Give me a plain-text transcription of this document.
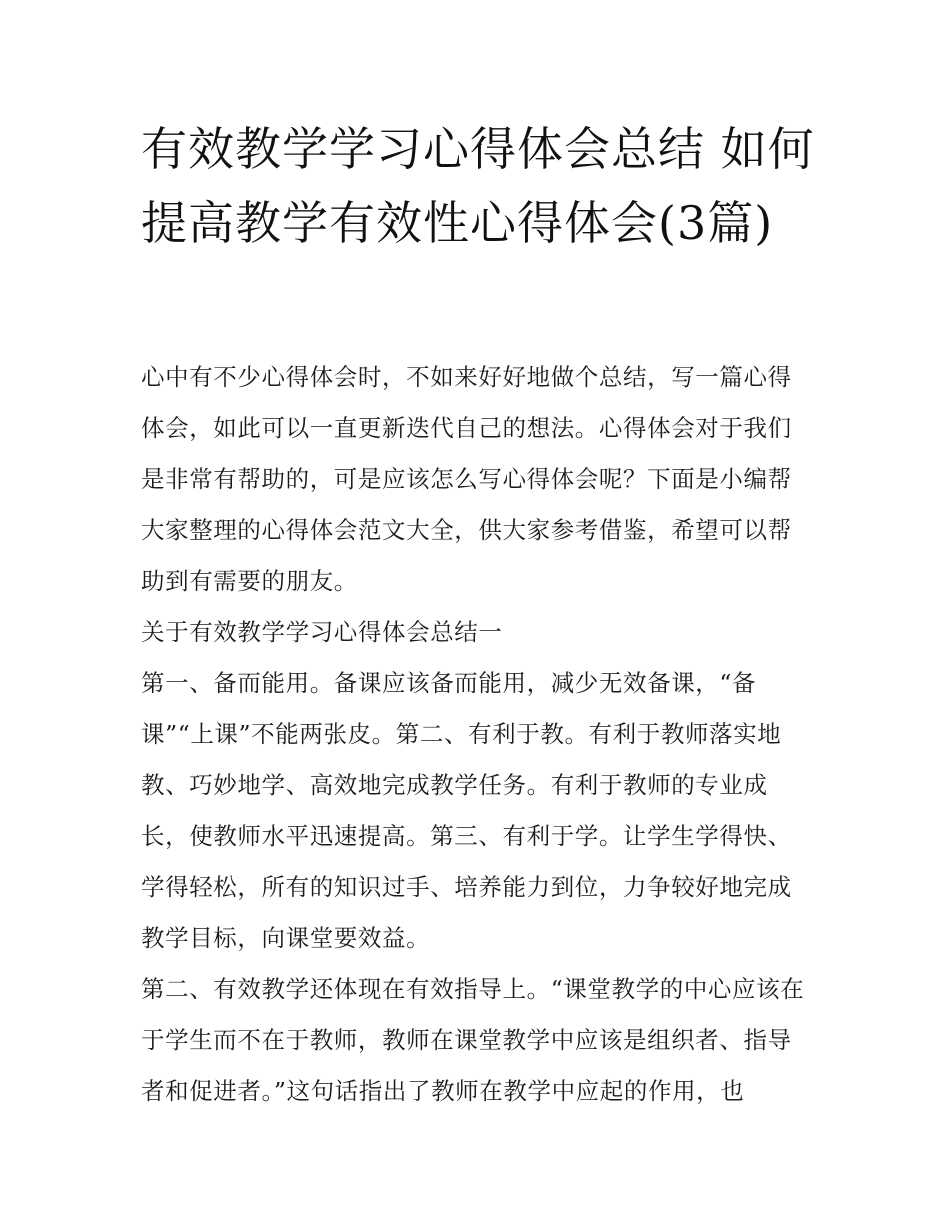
有效教学学习心得体会总结 如何提高教学有效性心得体会(3篇)

心中有不少心得体会时，不如来好好地做个总结，写一篇心得体会，如此可以一直更新迭代自己的想法。心得体会对于我们是非常有帮助的，可是应该怎么写心得体会呢？下面是小编帮大家整理的心得体会范文大全，供大家参考借鉴，希望可以帮助到有需要的朋友。

关于有效教学学习心得体会总结一

第一、备而能用。备课应该备而能用，减少无效备课，“备课”“上课”不能两张皮。第二、有利于教。有利于教师落实地教、巧妙地学、高效地完成教学任务。有利于教师的专业成长，使教师水平迅速提高。第三、有利于学。让学生学得快、学得轻松，所有的知识过手、培养能力到位，力争较好地完成教学目标，向课堂要效益。

第二、有效教学还体现在有效指导上。“课堂教学的中心应该在于学生而不在于教师，教师在课堂教学中应该是组织者、指导者和促进者。”这句话指出了教师在教学中应起的作用，也
